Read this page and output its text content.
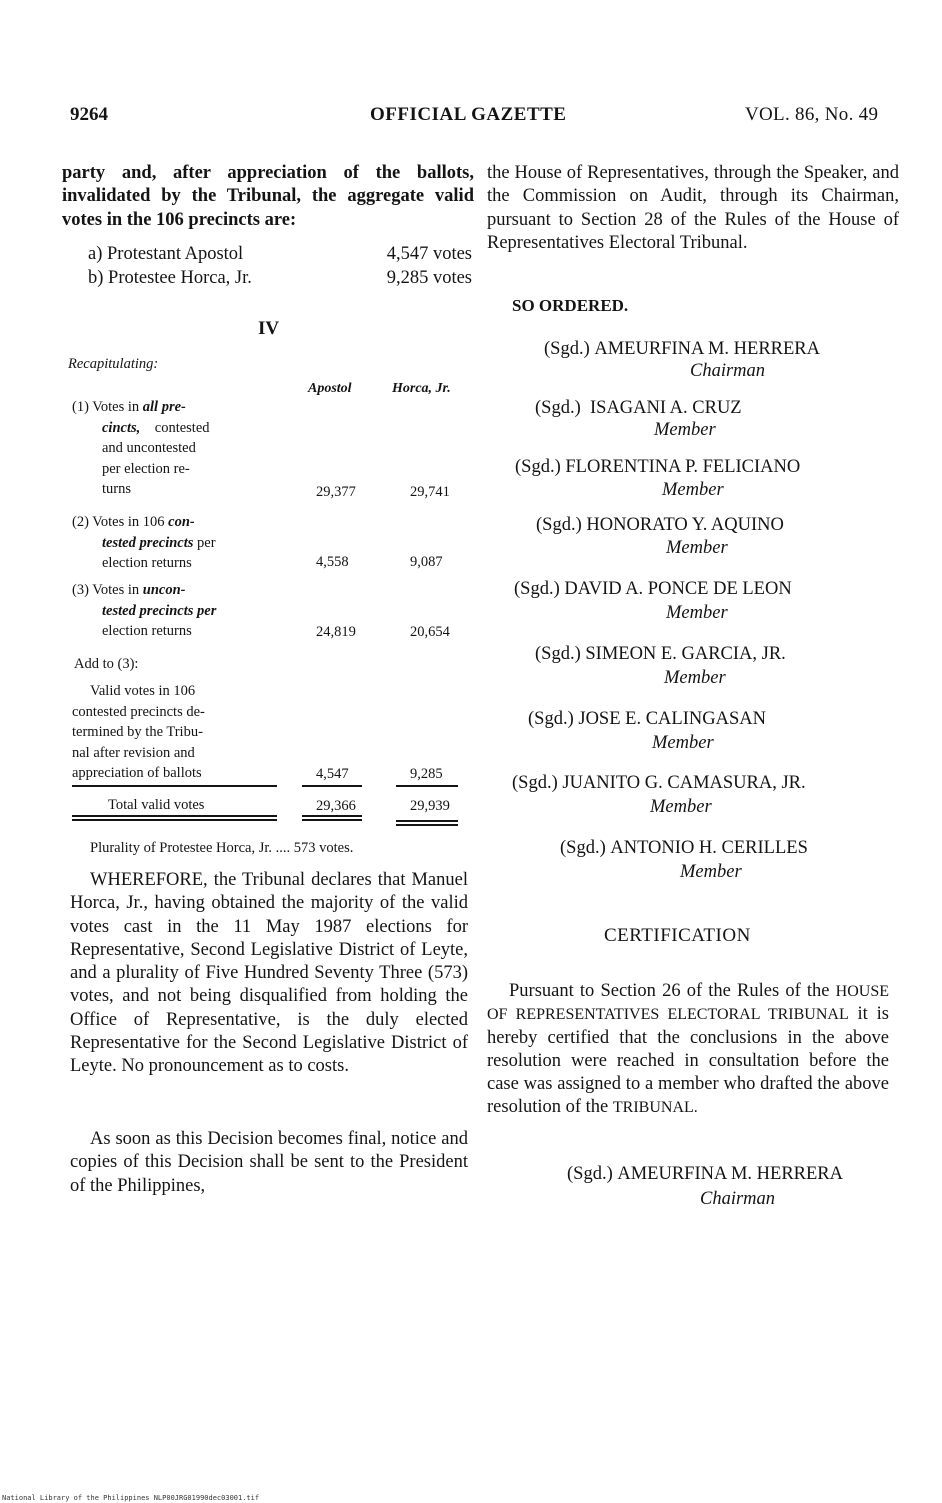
9264	OFFICIAL GAZETTE	VOL. 86, No. 49

party and, after appreciation of the ballots, invalidated by the Tribunal, the aggregate valid votes in the 106 precincts are:

a) Protestant Apostol	4,547 votes
b) Protestee Horca, Jr.	9,285 votes
IV
Recapitulating:
Apostol	Horca, Jr.
(1) Votes in all pre-
cincts, contested
and uncontested
per election re-
turns	29,377	29,741
(2) Votes in 106 con-
tested precincts per
election returns	4,558	9,087
(3) Votes in uncon-
tested precincts per
election returns	24,819	20,654
Add to (3):
Valid votes in 106
contested precincts de-
termined by the Tribu-
nal after revision and
appreciation of ballots	4,547	9,285
Total valid votes	29,366	29,939
Plurality of Protestee Horca, Jr. .... 573 votes.

WHEREFORE, the Tribunal declares that Manuel Horca, Jr., having obtained the majority of the valid votes cast in the 11 May 1987 elections for Representative, Second Legislative District of Leyte, and a plurality of Five Hundred Seventy Three (573) votes, and not being disqualified from holding the Office of Representative, is the duly elected Representative for the Second Legislative District of Leyte. No pronouncement as to costs.

As soon as this Decision becomes final, notice and copies of this Decision shall be sent to the President of the Philippines,

the House of Representatives, through the Speaker, and the Commission on Audit, through its Chairman, pursuant to Section 28 of the Rules of the House of Representatives Electoral Tribunal.

SO ORDERED.
(Sgd.) AMEURFINA M. HERRERA
Chairman
(Sgd.) ISAGANI A. CRUZ
Member
(Sgd.) FLORENTINA P. FELICIANO
Member
(Sgd.) HONORATO Y. AQUINO
Member
(Sgd.) DAVID A. PONCE DE LEON
Member
(Sgd.) SIMEON E. GARCIA, JR.
Member
(Sgd.) JOSE E. CALINGASAN
Member
(Sgd.) JUANITO G. CAMASURA, JR.
Member
(Sgd.) ANTONIO H. CERILLES
Member
CERTIFICATION

Pursuant to Section 26 of the Rules of the HOUSE OF REPRESENTATIVES ELECTORAL TRIBUNAL it is hereby certified that the conclusions in the above resolution were reached in consultation before the case was assigned to a member who drafted the above resolution of the TRIBUNAL.

(Sgd.) AMEURFINA M. HERRERA
Chairman
National Library of the Philippines NLP00JRG01990dec03001.tif
